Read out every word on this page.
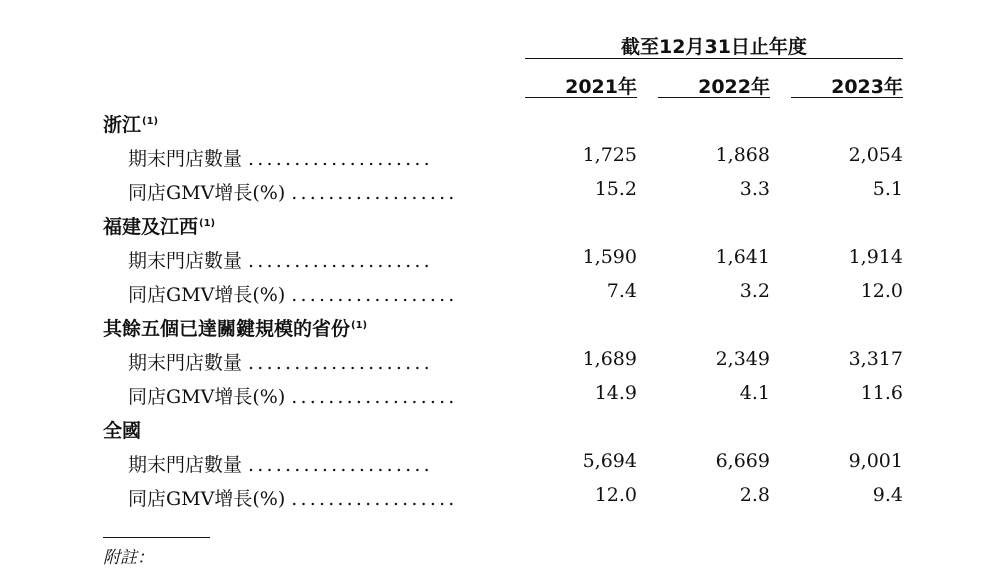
截至12月31日止年度
2021年	2022年	2023年
浙江$^{(1)}$
期末門店數量 ....................	1,725	1,868	2,054
同店GMV增長(%) ..................	15.2	3.3	5.1
福建及江西$^{(1)}$
期末門店數量 ....................	1,590	1,641	1,914
同店GMV增長(%) ..................	7.4	3.2	12.0
其餘五個已達關鍵規模的省份$^{(1)}$
期末門店數量 ....................	1,689	2,349	3,317
同店GMV增長(%) ..................	14.9	4.1	11.6
全國
期末門店數量 ....................	5,694	6,669	9,001
同店GMV增長(%) ..................	12.0	2.8	9.4
附註：
